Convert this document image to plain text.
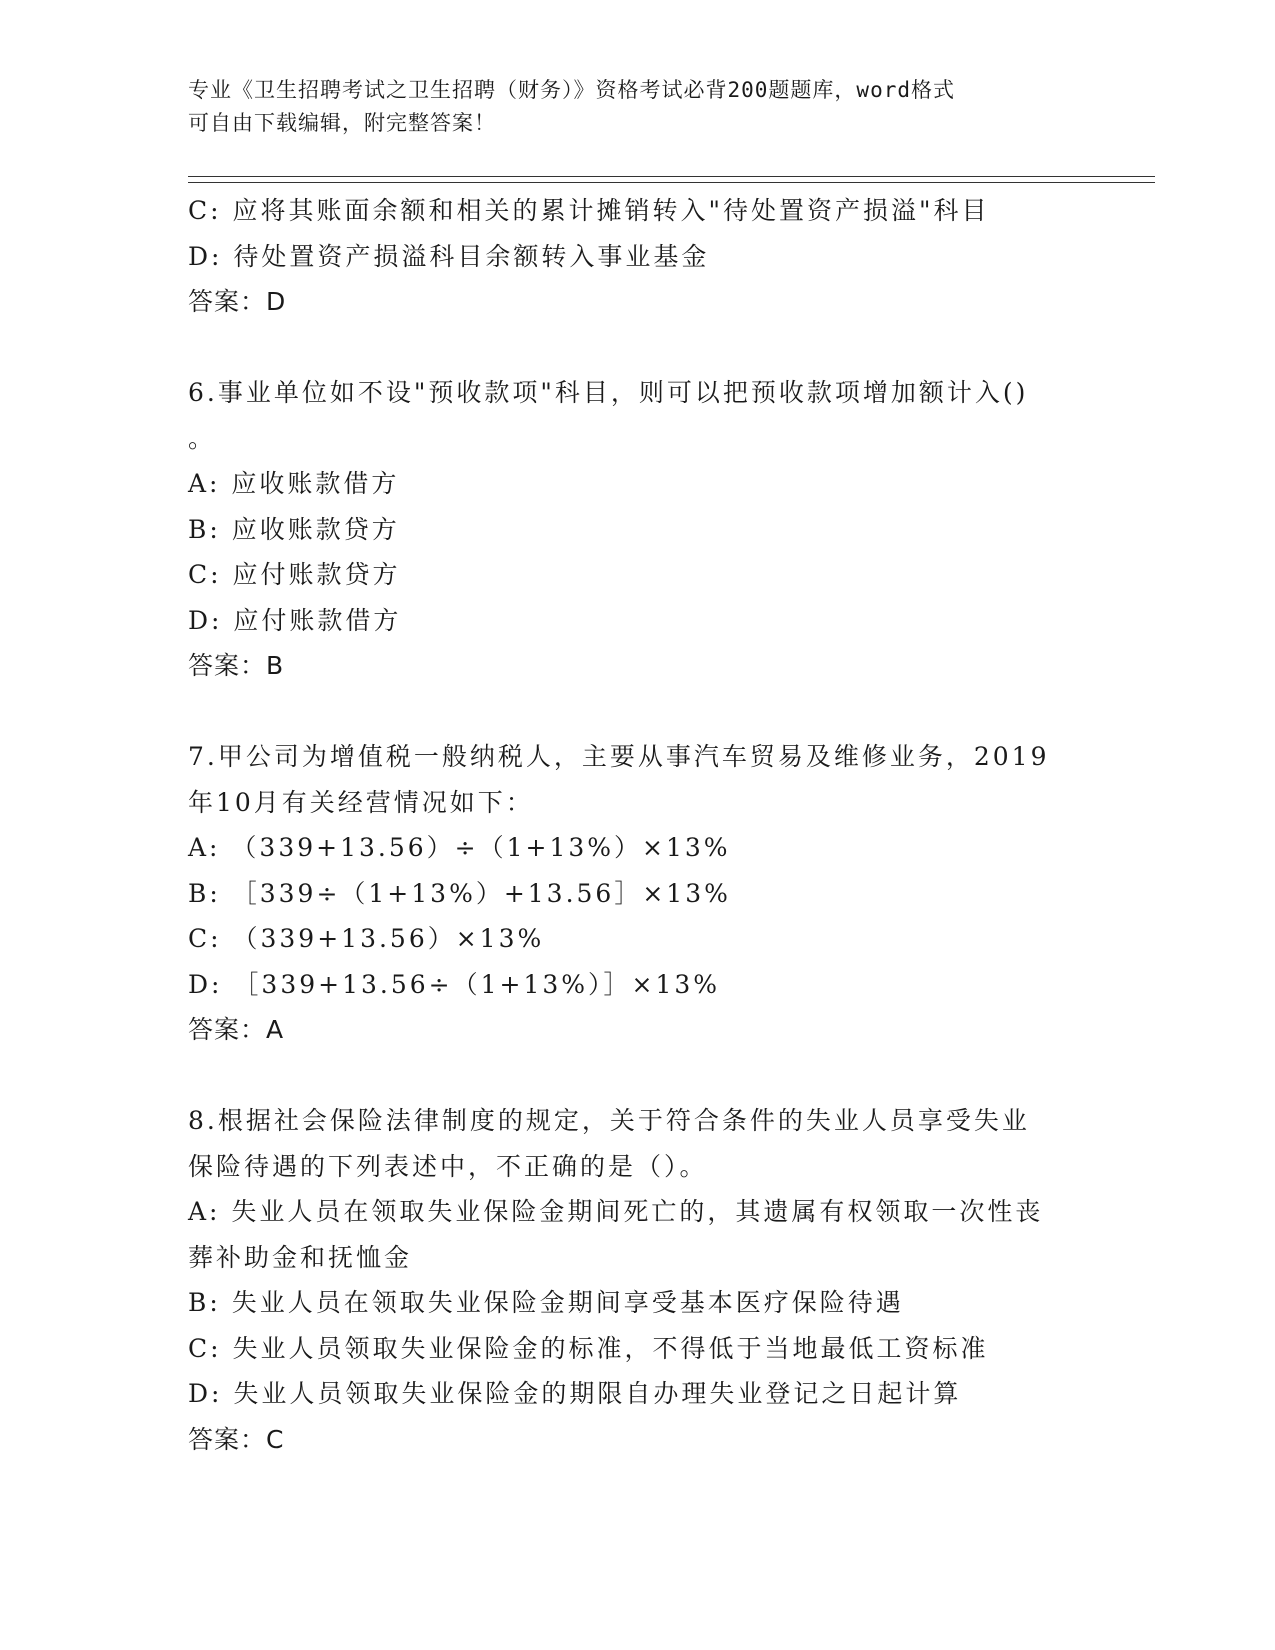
专业《卫生招聘考试之卫生招聘（财务）》资格考试必背200题题库，word格式
可自由下载编辑，附完整答案！
C: 应将其账面余额和相关的累计摊销转入"待处置资产损溢"科目
D: 待处置资产损溢科目余额转入事业基金
答案：D
6.事业单位如不设"预收款项"科目，则可以把预收款项增加额计入()
。
A: 应收账款借方
B: 应收账款贷方
C: 应付账款贷方
D: 应付账款借方
答案：B
7.甲公司为增值税一般纳税人，主要从事汽车贸易及维修业务，2019
年10月有关经营情况如下：
A: （339+13.56）÷（1+13%）×13%
B: ［339÷（1+13%）+13.56］×13%
C: （339+13.56）×13%
D: ［339+13.56÷（1+13%）］×13%
答案：A
8.根据社会保险法律制度的规定，关于符合条件的失业人员享受失业
保险待遇的下列表述中，不正确的是（）。
A: 失业人员在领取失业保险金期间死亡的，其遗属有权领取一次性丧
葬补助金和抚恤金
B: 失业人员在领取失业保险金期间享受基本医疗保险待遇
C: 失业人员领取失业保险金的标准，不得低于当地最低工资标准
D: 失业人员领取失业保险金的期限自办理失业登记之日起计算
答案：C
